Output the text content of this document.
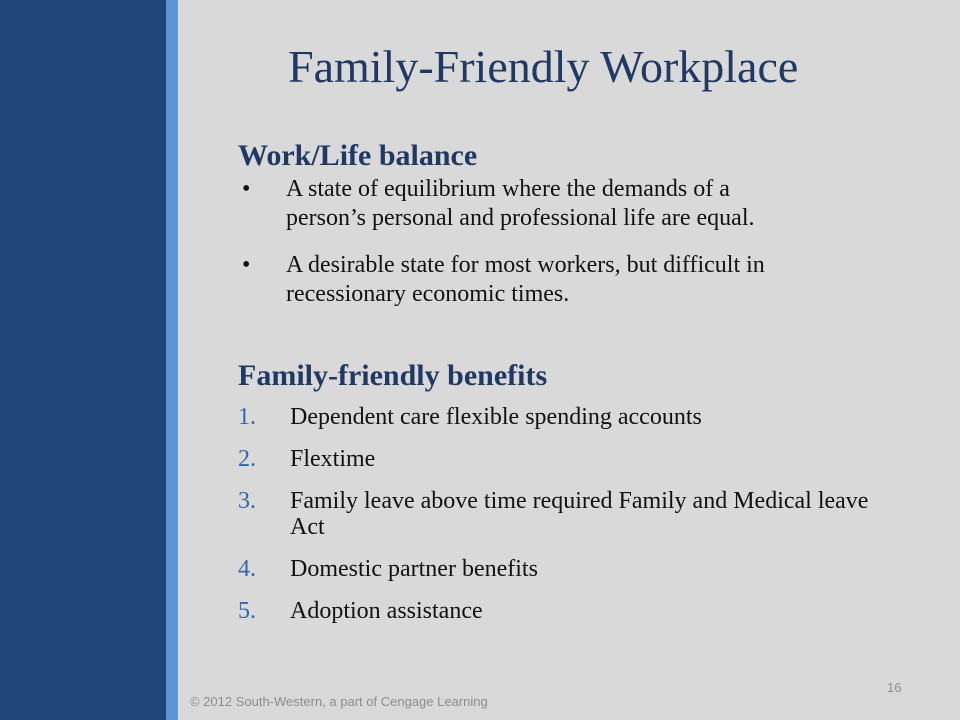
Family-Friendly Workplace
Work/Life balance
• A state of equilibrium where the demands of a person’s personal and professional life are equal.
• A desirable state for most workers, but difficult in recessionary economic times.
Family-friendly benefits
1. Dependent care flexible spending accounts
2. Flextime
3. Family leave above time required Family and Medical leave Act
4. Domestic partner benefits
5. Adoption assistance
16
© 2012 South-Western, a part of Cengage Learning
